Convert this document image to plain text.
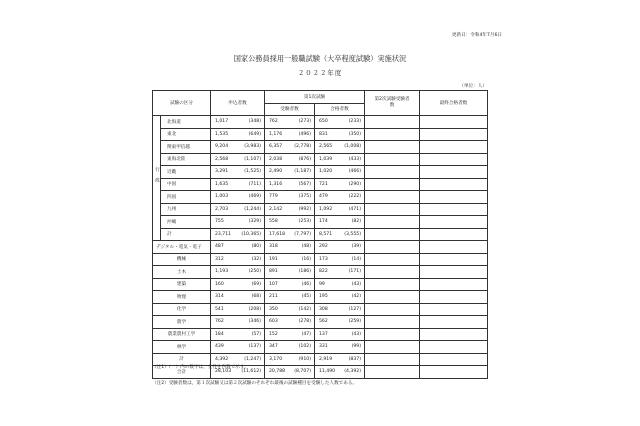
更新日：令和4年7月6日
国家公務員採用一般職試験（大卒程度試験）実施状況
２０２２年度
（単位：人）
試験の区分		申込者数	第1次試験		第2次試験受験者数	最終合格者数
			受験者数	合格者数		
行政	北海道	1,017 (348)	762 (273)	650 (233)		

	東北	1,535 (649)	1,176 (496)	831 (350)		

	関東甲信越	9,204 (3,983)	6,357 (2,778)	2,565 (1,008)		

	東海北陸	2,568 (1,107)	2,038 (876)	1,039 (433)		

	近畿	3,291 (1,525)	2,490 (1,187)	1,020 (466)		

	中国	1,635 (711)	1,316 (567)	721 (290)		

	四国	1,003 (469)	779 (375)	479 (222)		

	九州	2,703 (1,244)	2,142 (992)	1,092 (471)		

	沖縄	755 (329)	558 (253)	174 (82)		

	計	23,711 (10,365)	17,618 (7,797)	8,571 (3,555)		

デジタル・電気・電子		487 (80)	318 (48)	292 (39)		

機械		312 (32)	191 (16)	173 (14)		

土木		1,193 (250)	891 (186)	822 (171)		

建築		160 (69)	107 (46)	99 (43)		

物理		314 (68)	211 (45)	195 (42)		

化学		541 (208)	350 (142)	308 (127)		

農学		762 (346)	603 (278)	562 (259)		

農業農村工学		184 (57)	152 (47)	137 (43)		

林学		439 (137)	347 (102)	331 (99)		

計		4,392 (1,247)	3,170 (910)	2,919 (837)		

合計		28,103 (11,612)	20,788 (8,707)	11,490 (4,392)		

（注1）（　）内の数字は，女性を内数で示す。
（注2）受験者数は，第１次試験又は第２次試験のそれぞれ最後の試験種目を受験した人数である。
